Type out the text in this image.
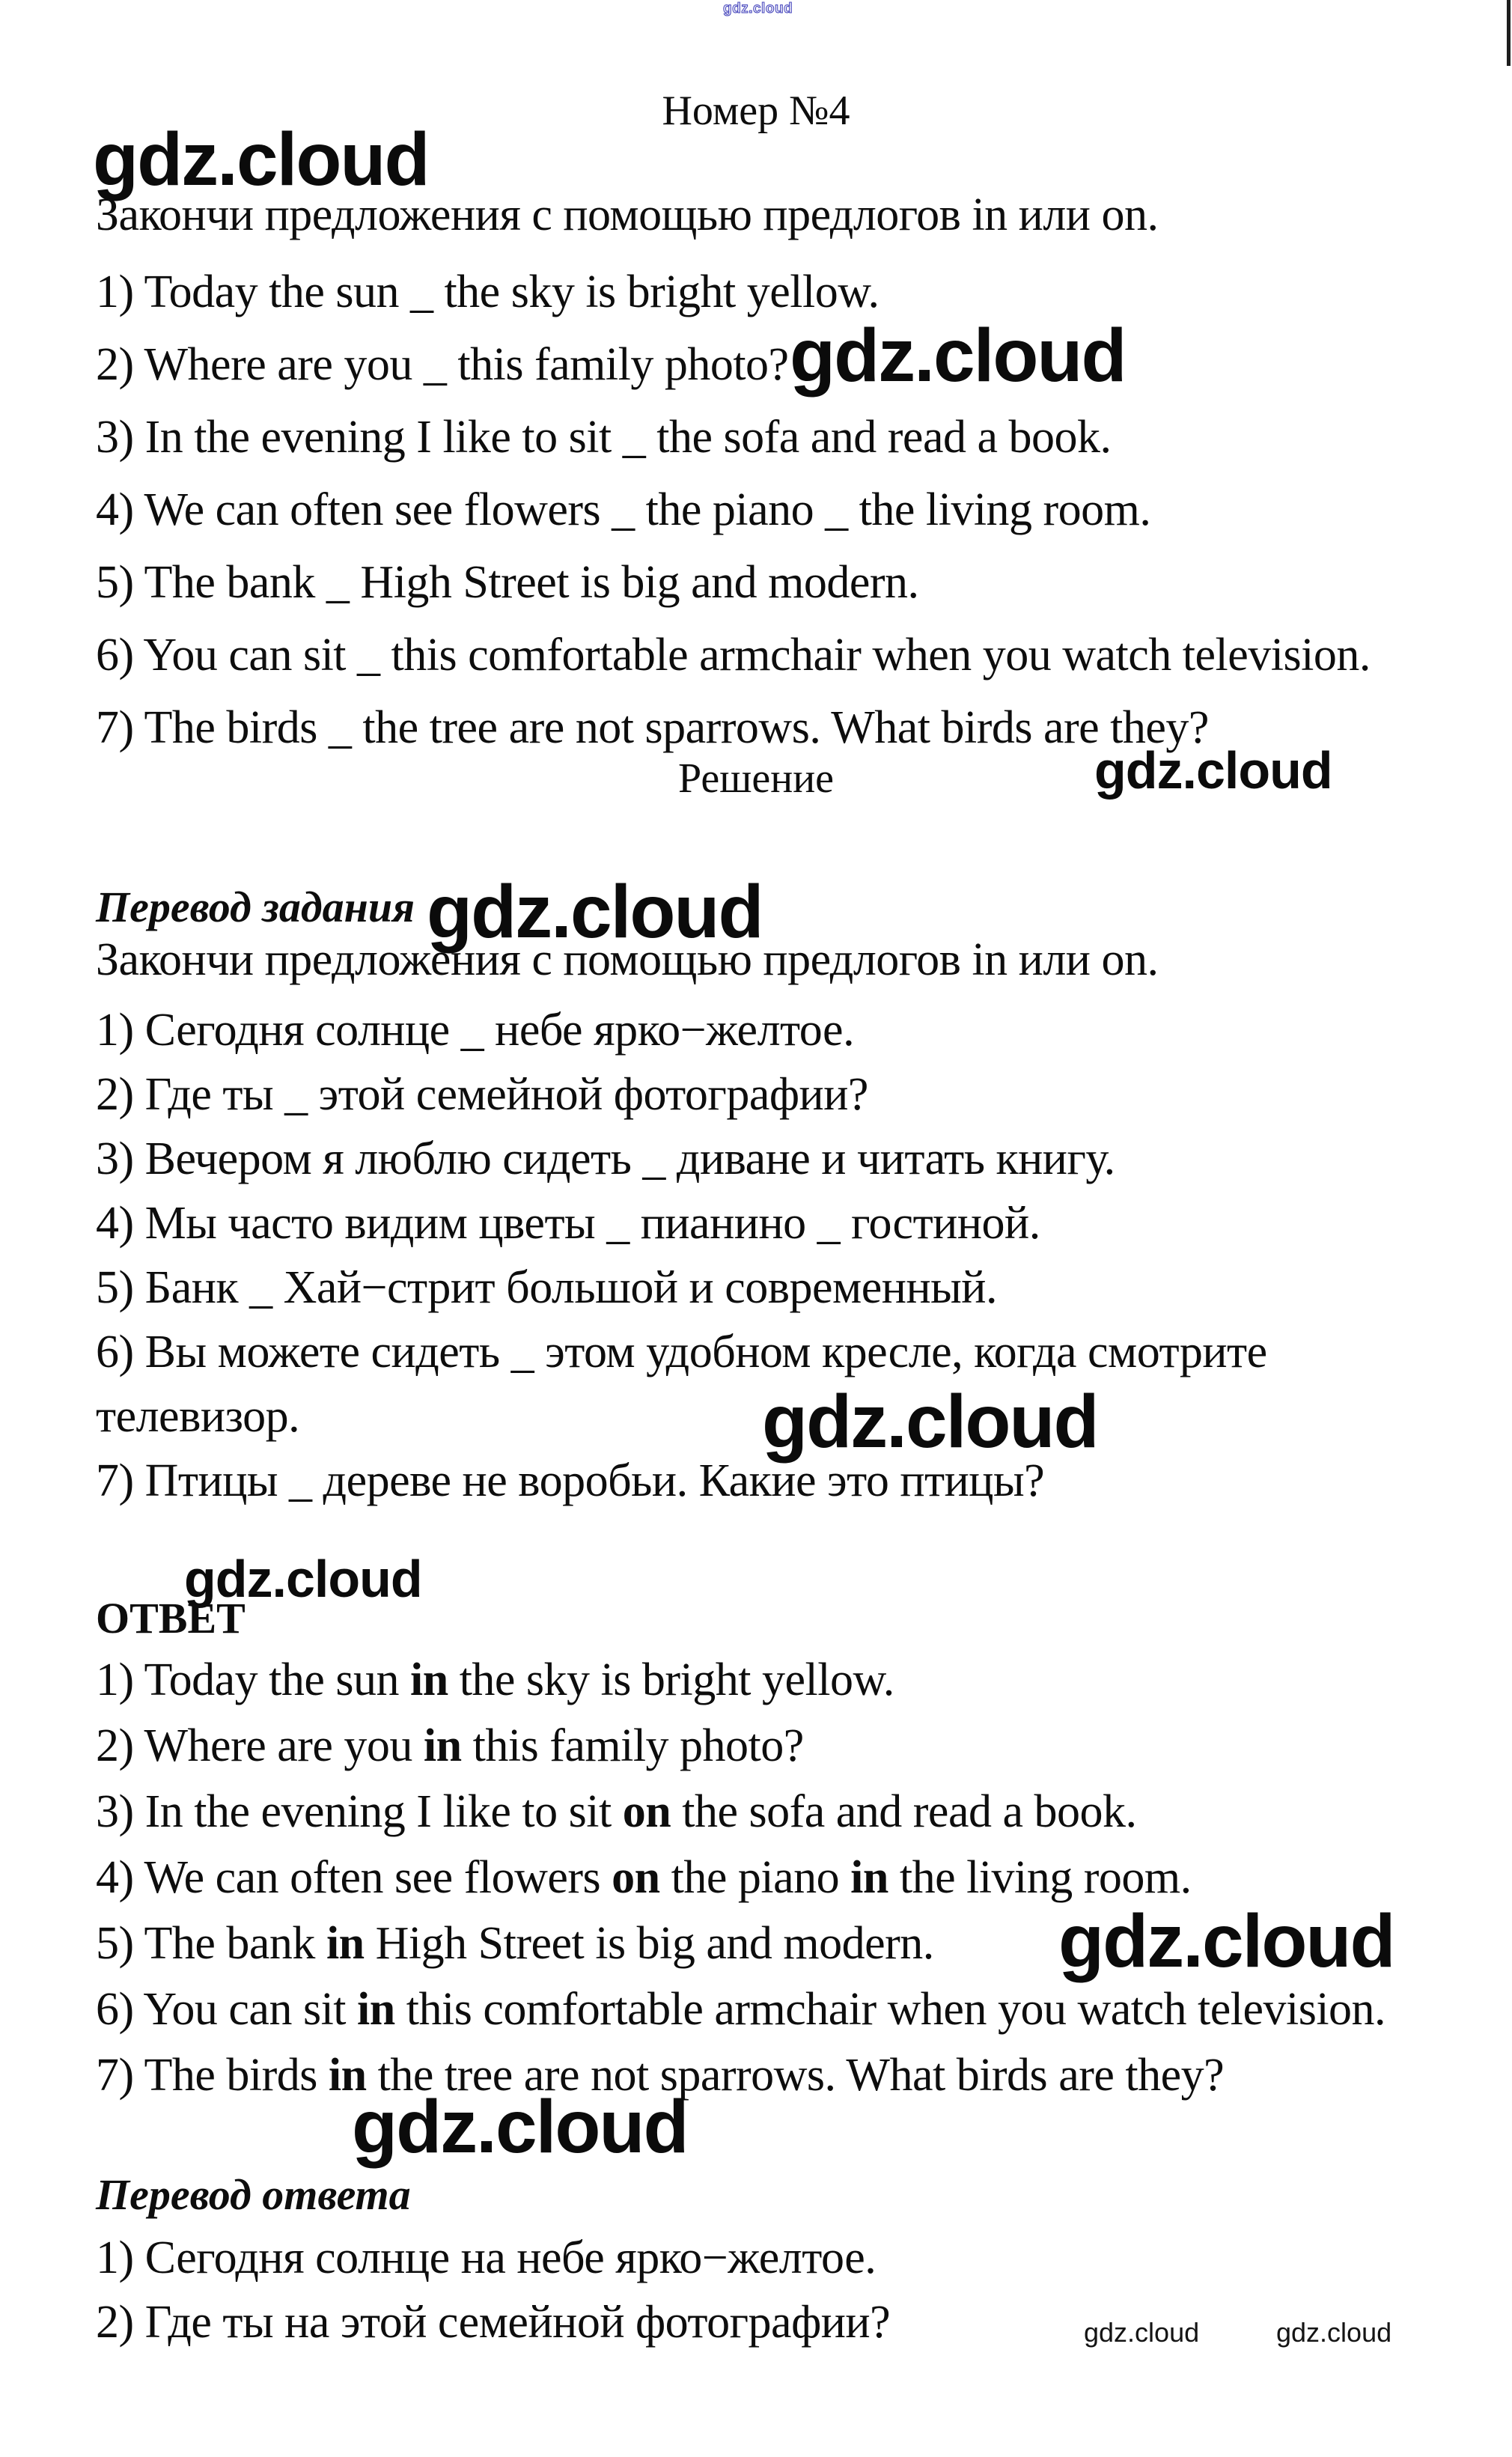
gdz.cloud
Номер №4
gdz.cloud
Закончи предложения с помощью предлогов in или on.
1) Today the sun _ the sky is bright yellow.
2) Where are you _ this family photo?
3) In the evening I like to sit _ the sofa and read a book.
4) We can often see flowers _ the piano _ the living room.
5) The bank _ High Street is big and modern.
6) You can sit _ this comfortable armchair when you watch television.
7) The birds _ the tree are not sparrows. What birds are they?
gdz.cloud
Решение	gdz.cloud
Перевод задания gdz.cloud
Закончи предложения с помощью предлогов in или on.
1) Сегодня солнце _ небе ярко−желтое.
2) Где ты _ этой семейной фотографии?
3) Вечером я люблю сидеть _ диване и читать книгу.
4) Мы часто видим цветы _ пианино _ гостиной.
5) Банк _ Хай−стрит большой и современный.
6) Вы можете сидеть _ этом удобном кресле, когда смотрите
телевизор.
7) Птицы _ дереве не воробьи. Какие это птицы?
gdz.cloud
gdz.cloud
ОТВЕТ
1) Today the sun in the sky is bright yellow.
2) Where are you in this family photo?
3) In the evening I like to sit on the sofa and read a book.
4) We can often see flowers on the piano in the living room.
5) The bank in High Street is big and modern.
6) You can sit in this comfortable armchair when you watch television.
7) The birds in the tree are not sparrows. What birds are they?
gdz.cloud
gdz.cloud
Перевод ответа
1) Сегодня солнце на небе ярко−желтое.
2) Где ты на этой семейной фотографии?	gdz.cloud	gdz.cloud
